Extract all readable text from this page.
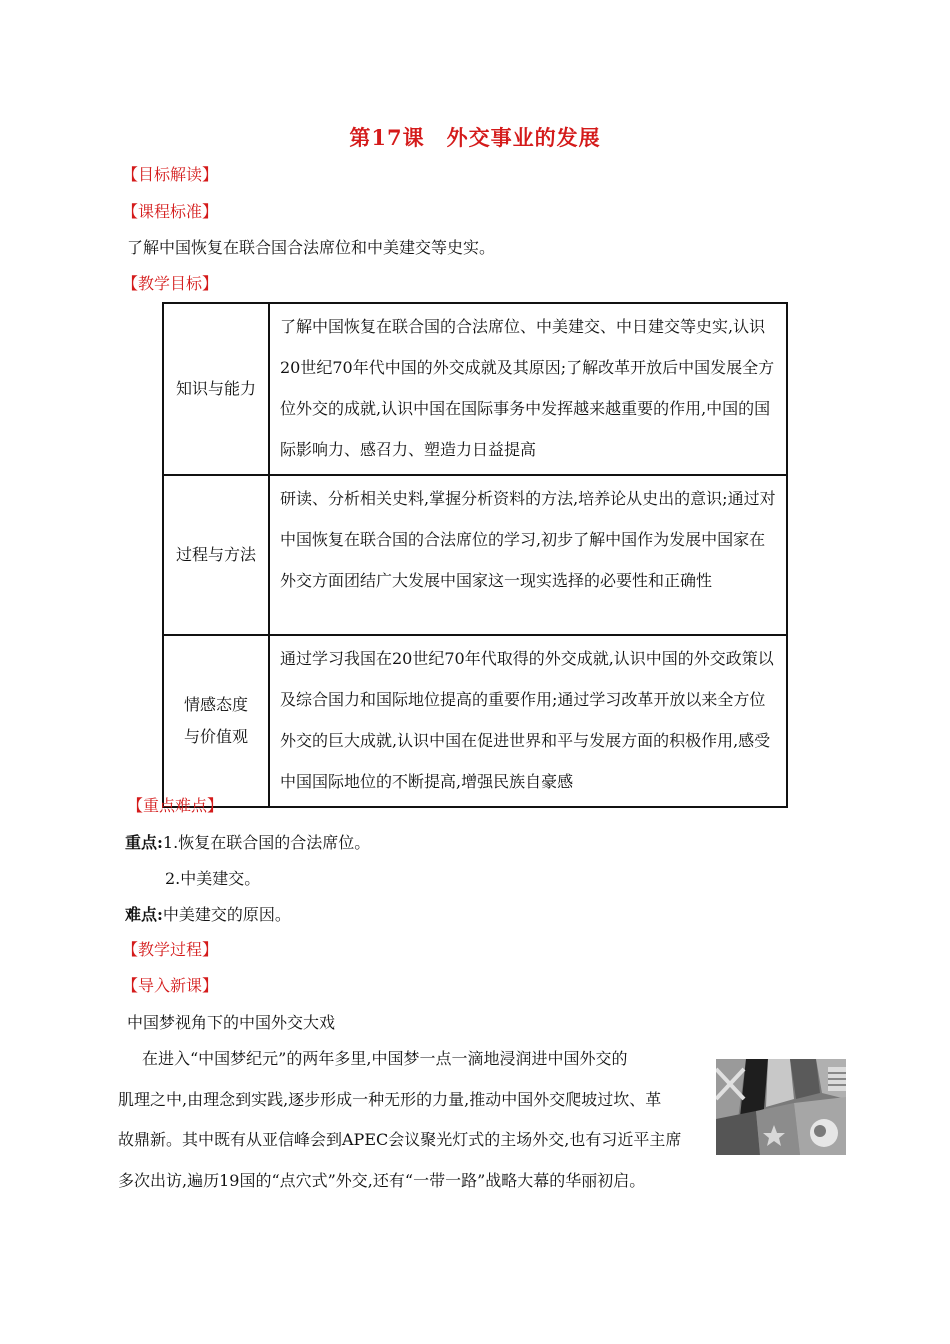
第17课　外交事业的发展
【目标解读】
【课程标准】
了解中国恢复在联合国合法席位和中美建交等史实。
【教学目标】
知识与能力	了解中国恢复在联合国的合法席位、中美建交、中日建交等史实,认识20世纪70年代中国的外交成就及其原因;了解改革开放后中国发展全方位外交的成就,认识中国在国际事务中发挥越来越重要的作用,中国的国际影响力、感召力、塑造力日益提高
过程与方法	研读、分析相关史料,掌握分析资料的方法,培养论从史出的意识;通过对中国恢复在联合国的合法席位的学习,初步了解中国作为发展中国家在外交方面团结广大发展中国家这一现实选择的必要性和正确性

情感态度
与价值观	通过学习我国在20世纪70年代取得的外交成就,认识中国的外交政策以及综合国力和国际地位提高的重要作用;通过学习改革开放以来全方位外交的巨大成就,认识中国在促进世界和平与发展方面的积极作用,感受中国国际地位的不断提高,增强民族自豪感
【重点难点】
重点:1.恢复在联合国的合法席位。
2.中美建交。
难点:中美建交的原因。
【教学过程】
【导入新课】
中国梦视角下的中国外交大戏
在进入“中国梦纪元”的两年多里,中国梦一点一滴地浸润进中国外交的
肌理之中,由理念到实践,逐步形成一种无形的力量,推动中国外交爬坡过坎、革
故鼎新。其中既有从亚信峰会到APEC会议聚光灯式的主场外交,也有习近平主席
多次出访,遍历19国的“点穴式”外交,还有“一带一路”战略大幕的华丽初启。
